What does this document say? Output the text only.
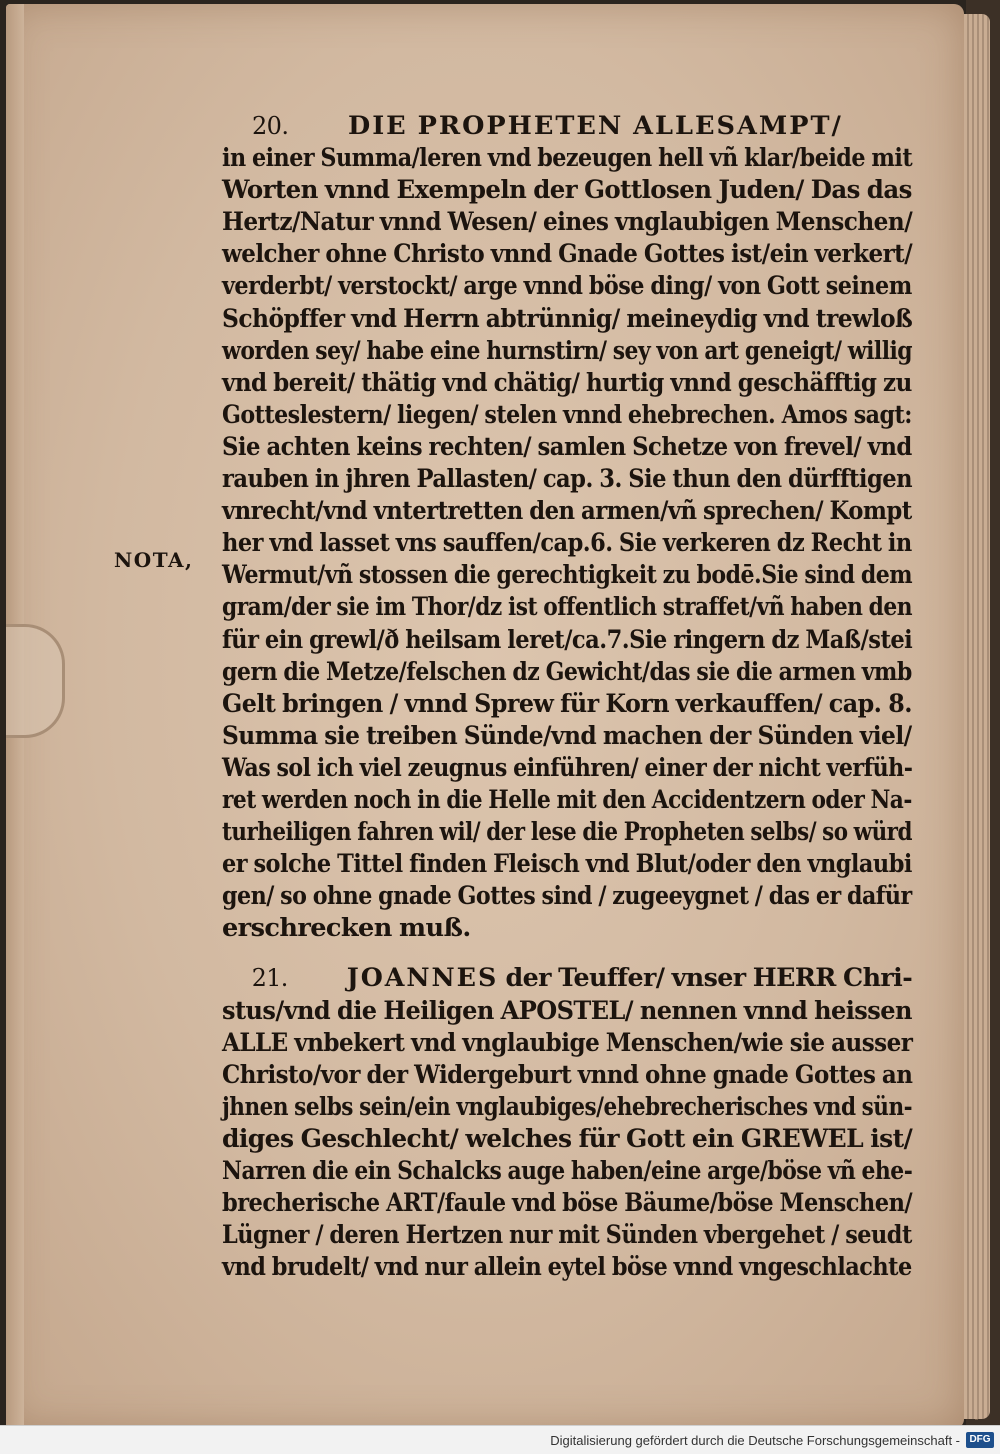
NOTA,
20. DIE PROPHETEN ALLESAMPT/
in einer Summa/leren vnd bezeugen hell vñ klar/beide mit
Worten vnnd Exempeln der Gottlosen Juden/ Das das
Hertz/Natur vnnd Wesen/ eines vnglaubigen Menschen/
welcher ohne Christo vnnd Gnade Gottes ist/ein verkert/
verderbt/ verstockt/ arge vnnd böse ding/ von Gott seinem
Schöpffer vnd Herrn abtrünnig/ meineydig vnd trewloß
worden sey/ habe eine hurnstirn/ sey von art geneigt/ willig
vnd bereit/ thätig vnd chätig/ hurtig vnnd geschäfftig zu
Gotteslestern/ liegen/ stelen vnnd ehebrechen. Amos sagt:
Sie achten keins rechten/ samlen Schetze von frevel/ vnd
rauben in jhren Pallasten/ cap. 3. Sie thun den dürfftigen
vnrecht/vnd vntertretten den armen/vñ sprechen/ Kompt
her vnd lasset vns sauffen/cap.6. Sie verkeren dz Recht in
Wermut/vñ stossen die gerechtigkeit zu bodē.Sie sind dem
gram/der sie im Thor/dz ist offentlich straffet/vñ haben den
für ein grewl/ð heilsam leret/ca.7.Sie ringern dz Maß/stei
gern die Metze/felschen dz Gewicht/das sie die armen vmb
Gelt bringen / vnnd Sprew für Korn verkauffen/ cap. 8.
Summa sie treiben Sünde/vnd machen der Sünden viel/
Was sol ich viel zeugnus einführen/ einer der nicht verfüh-
ret werden noch in die Helle mit den Accidentzern oder Na-
turheiligen fahren wil/ der lese die Propheten selbs/ so würd
er solche Tittel finden Fleisch vnd Blut/oder den vnglaubi
gen/ so ohne gnade Gottes sind / zugeeygnet / das er dafür
erschrecken muß.
21. JOANNES der Teuffer/ vnser HERR Chri-
stus/vnd die Heiligen APOSTEL/ nennen vnnd heissen
ALLE vnbekert vnd vnglaubige Menschen/wie sie ausser
Christo/vor der Widergeburt vnnd ohne gnade Gottes an
jhnen selbs sein/ein vnglaubiges/ehebrecherisches vnd sün-
diges Geschlecht/ welches für Gott ein GREWEL ist/
Narren die ein Schalcks auge haben/eine arge/böse vñ ehe-
brecherische ART/faule vnd böse Bäume/böse Menschen/
Lügner / deren Hertzen nur mit Sünden vbergehet / seudt
vnd brudelt/ vnd nur allein eytel böse vnnd vngeschlachte
Digitalisierung gefördert durch die Deutsche Forschungsgemeinschaft - DFG
